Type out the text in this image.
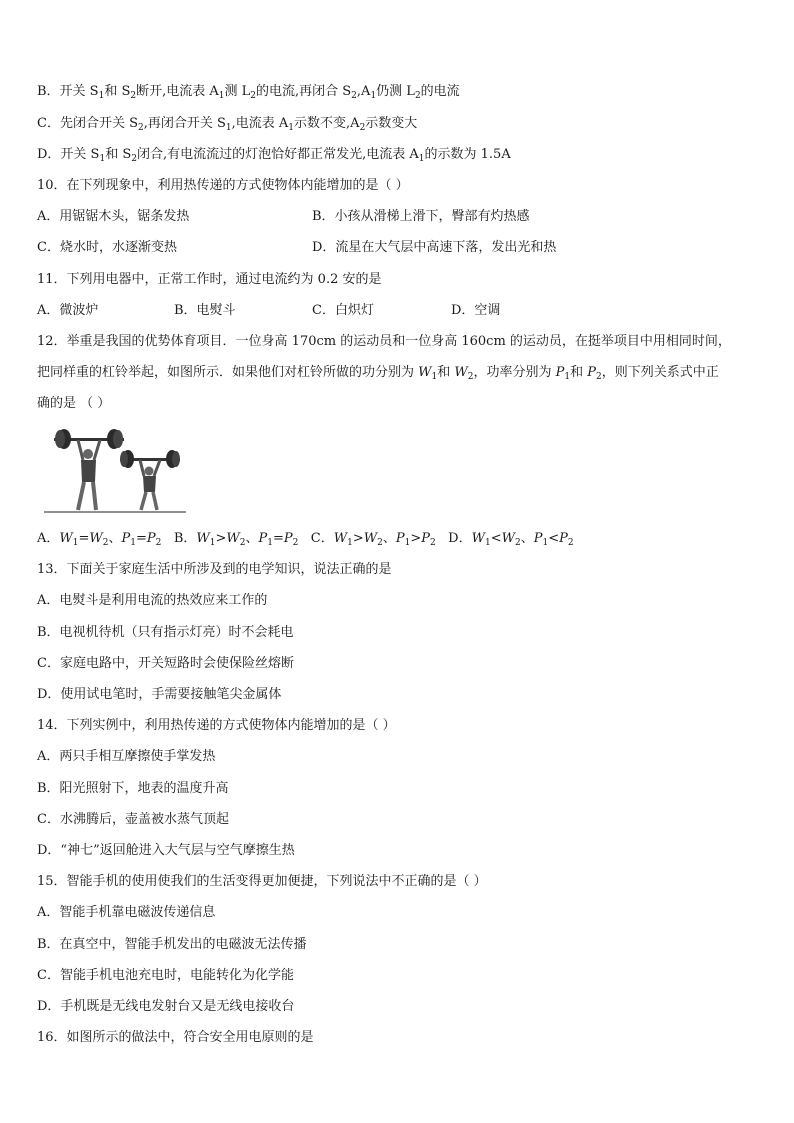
B．开关 $S_1$和 $S_2$断开,电流表 $A_1$测 $L_2$的电流,再闭合 $S_2,A_1$仍测 $L_2$的电流
C．先闭合开关 $S_2$,再闭合开关 $S_1$,电流表 $A_1$示数不变$,A_2$示数变大
D．开关 $S_1$和 $S_2$闭合,有电流流过的灯泡恰好都正常发光,电流表 $A_1$的示数为 1.5A
10．在下列现象中，利用热传递的方式使物体内能增加的是（ ）
A．用锯锯木头，锯条发热	B．小孩从滑梯上滑下，臀部有灼热感
C．烧水时，水逐渐变热	D．流星在大气层中高速下落，发出光和热
11．下列用电器中，正常工作时，通过电流约为 0.2 安的是
A．微波炉	B．电熨斗	C．白炽灯	D．空调
12．举重是我国的优势体育项目．一位身高 170cm 的运动员和一位身高 160cm 的运动员，在挺举项目中用相同时间，
把同样重的杠铃举起，如图所示．如果他们对杠铃所做的功分别为 $W_1$和 $W_2$，功率分别为 $P_1$和 $P_2$，则下列关系式中正
确的是 （ ）
A．$W_1=W_2$、$P_1=P_2$ B．$W_1>W_2$、$P_1=P_2$ C．$W_1>W_2$、$P_1>P_2$ D．$W_1<W_2$、$P_1<P_2$
13．下面关于家庭生活中所涉及到的电学知识，说法正确的是
A．电熨斗是利用电流的热效应来工作的
B．电视机待机（只有指示灯亮）时不会耗电
C．家庭电路中，开关短路时会使保险丝熔断
D．使用试电笔时，手需要接触笔尖金属体
14．下列实例中，利用热传递的方式使物体内能增加的是（ ）
A．两只手相互摩擦使手掌发热
B．阳光照射下，地表的温度升高
C．水沸腾后，壶盖被水蒸气顶起
D．“神七”返回舱进入大气层与空气摩擦生热
15．智能手机的使用使我们的生活变得更加便捷，下列说法中不正确的是（ ）
A．智能手机靠电磁波传递信息
B．在真空中，智能手机发出的电磁波无法传播
C．智能手机电池充电时，电能转化为化学能
D．手机既是无线电发射台又是无线电接收台
16．如图所示的做法中，符合安全用电原则的是
